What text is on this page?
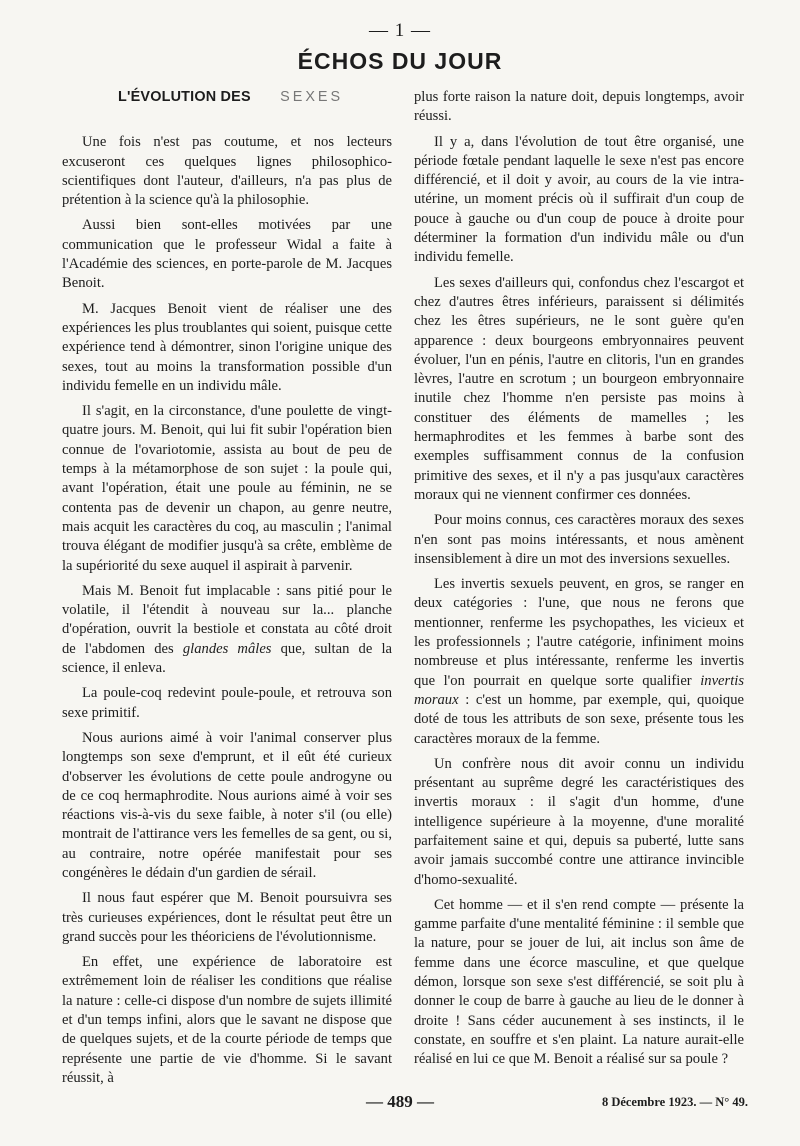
— 1 —
ÉCHOS DU JOUR
L'ÉVOLUTION DES SEXES

Une fois n'est pas coutume, et nos lecteurs excuseront ces quelques lignes philosophico-scientifiques dont l'auteur, d'ailleurs, n'a pas plus de prétention à la science qu'à la philosophie.

Aussi bien sont-elles motivées par une communication que le professeur Widal a faite à l'Académie des sciences, en porte-parole de M. Jacques Benoit.

M. Jacques Benoit vient de réaliser une des expériences les plus troublantes qui soient, puisque cette expérience tend à démontrer, sinon l'origine unique des sexes, tout au moins la transformation possible d'un individu femelle en un individu mâle.

Il s'agit, en la circonstance, d'une poulette de vingt-quatre jours. M. Benoit, qui lui fit subir l'opération bien connue de l'ovariotomie, assista au bout de peu de temps à la métamorphose de son sujet : la poule qui, avant l'opération, était une poule au féminin, ne se contenta pas de devenir un chapon, au genre neutre, mais acquit les caractères du coq, au masculin ; l'animal trouva élégant de modifier jusqu'à sa crête, emblème de la supériorité du sexe auquel il aspirait à parvenir.

Mais M. Benoit fut implacable : sans pitié pour le volatile, il l'étendit à nouveau sur la... planche d'opération, ouvrit la bestiole et constata au côté droit de l'abdomen des glandes mâles que, sultan de la science, il enleva.

La poule-coq redevint poule-poule, et retrouva son sexe primitif.

Nous aurions aimé à voir l'animal conserver plus longtemps son sexe d'emprunt, et il eût été curieux d'observer les évolutions de cette poule androgyne ou de ce coq hermaphrodite. Nous aurions aimé à voir ses réactions vis-à-vis du sexe faible, à noter s'il (ou elle) montrait de l'attirance vers les femelles de sa gent, ou si, au contraire, notre opérée manifestait pour ses congénères le dédain d'un gardien de sérail.

Il nous faut espérer que M. Benoit poursuivra ses très curieuses expériences, dont le résultat peut être un grand succès pour les théoriciens de l'évolutionnisme.

En effet, une expérience de laboratoire est extrêmement loin de réaliser les conditions que réalise la nature : celle-ci dispose d'un nombre de sujets illimité et d'un temps infini, alors que le savant ne dispose que de quelques sujets, et de la courte période de temps que représente une partie de vie d'homme. Si le savant réussit, à

plus forte raison la nature doit, depuis longtemps, avoir réussi.

Il y a, dans l'évolution de tout être organisé, une période fœtale pendant laquelle le sexe n'est pas encore différencié, et il doit y avoir, au cours de la vie intra-utérine, un moment précis où il suffirait d'un coup de pouce à gauche ou d'un coup de pouce à droite pour déterminer la formation d'un individu mâle ou d'un individu femelle.

Les sexes d'ailleurs qui, confondus chez l'escargot et chez d'autres êtres inférieurs, paraissent si délimités chez les êtres supérieurs, ne le sont guère qu'en apparence : deux bourgeons embryonnaires peuvent évoluer, l'un en pénis, l'autre en clitoris, l'un en grandes lèvres, l'autre en scrotum ; un bourgeon embryonnaire inutile chez l'homme n'en persiste pas moins à constituer des éléments de mamelles ; les hermaphrodites et les femmes à barbe sont des exemples suffisamment connus de la confusion primitive des sexes, et il n'y a pas jusqu'aux caractères moraux qui ne viennent confirmer ces données.

Pour moins connus, ces caractères moraux des sexes n'en sont pas moins intéressants, et nous amènent insensiblement à dire un mot des inversions sexuelles.

Les invertis sexuels peuvent, en gros, se ranger en deux catégories : l'une, que nous ne ferons que mentionner, renferme les psychopathes, les vicieux et les professionnels ; l'autre catégorie, infiniment moins nombreuse et plus intéressante, renferme les invertis que l'on pourrait en quelque sorte qualifier invertis moraux : c'est un homme, par exemple, qui, quoique doté de tous les attributs de son sexe, présente tous les caractères moraux de la femme.

Un confrère nous dit avoir connu un individu présentant au suprême degré les caractéristiques des invertis moraux : il s'agit d'un homme, d'une intelligence supérieure à la moyenne, d'une moralité parfaitement saine et qui, depuis sa puberté, lutte sans avoir jamais succombé contre une attirance invincible d'homo-sexualité.

Cet homme — et il s'en rend compte — présente la gamme parfaite d'une mentalité féminine : il semble que la nature, pour se jouer de lui, ait inclus son âme de femme dans une écorce masculine, et que quelque démon, lorsque son sexe s'est différencié, se soit plu à donner le coup de barre à gauche au lieu de le donner à droite ! Sans céder aucunement à ses instincts, il le constate, en souffre et s'en plaint. La nature aurait-elle réalisé en lui ce que M. Benoit a réalisé sur sa poule ?

— 489 —	8 Décembre 1923. — N° 49.
